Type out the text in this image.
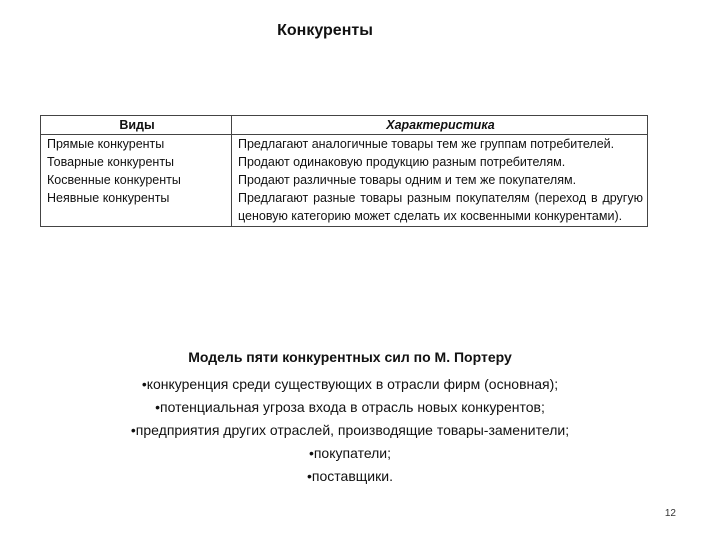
Конкуренты
Виды	Характеристика
Прямые конкуренты	Предлагают аналогичные товары тем же группам потребителей.
Товарные конкуренты	Продают одинаковую продукцию разным потребителям.
Косвенные конкуренты	Продают различные товары одним и тем же покупателям.
Неявные конкуренты	Предлагают разные товары разным покупателям (переход в другую ценовую категорию может сделать их косвенными конкурентами).
Модель пяти конкурентных сил по М. Портеру
•конкуренция среди существующих в отрасли фирм (основная);
•потенциальная угроза входа в отрасль новых конкурентов;
•предприятия других отраслей, производящие товары-заменители;
•покупатели;
•поставщики.
12
